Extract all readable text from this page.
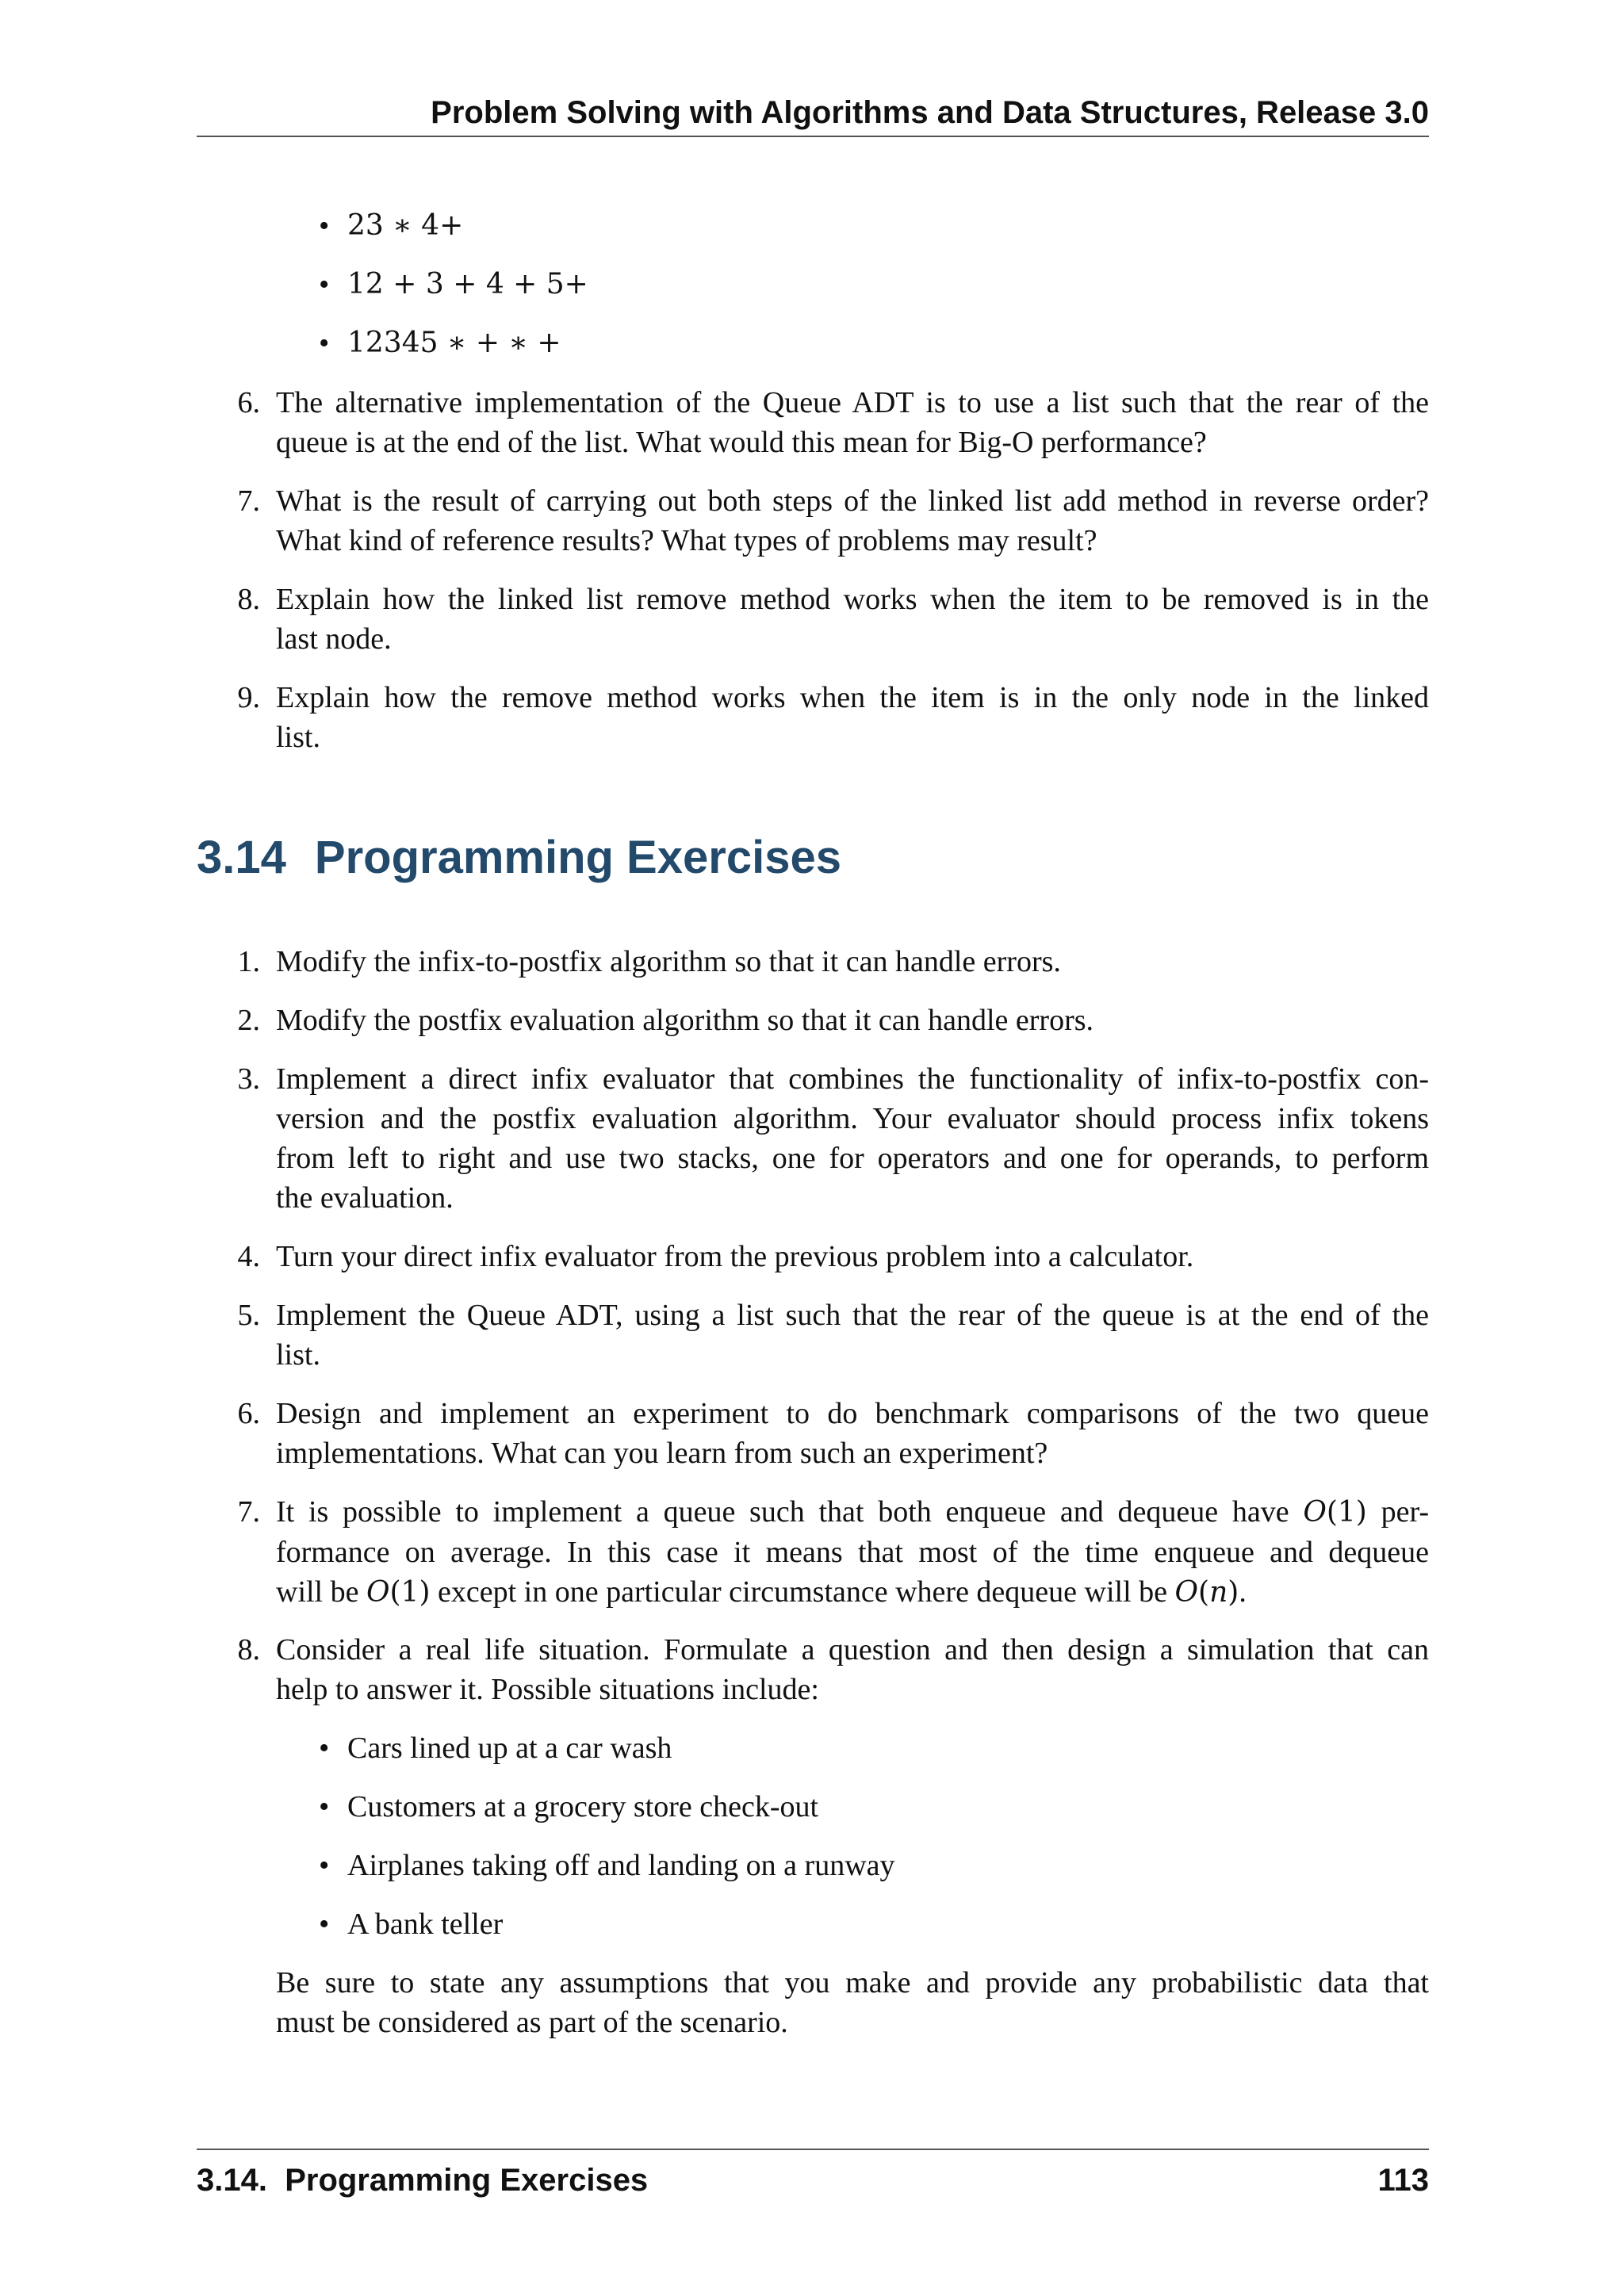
Problem Solving with Algorithms and Data Structures, Release 3.0
• 23 ∗ 4+
• 12 + 3 + 4 + 5+
• 12345 ∗ + ∗ +
6. The alternative implementation of the Queue ADT is to use a list such that the rear of the
queue is at the end of the list. What would this mean for Big-O performance?
7. What is the result of carrying out both steps of the linked list add method in reverse order?
What kind of reference results? What types of problems may result?
8. Explain how the linked list remove method works when the item to be removed is in the
last node.
9. Explain how the remove method works when the item is in the only node in the linked
list.
3.14 Programming Exercises
1. Modify the infix-to-postfix algorithm so that it can handle errors.
2. Modify the postfix evaluation algorithm so that it can handle errors.
3. Implement a direct infix evaluator that combines the functionality of infix-to-postfix con-
version and the postfix evaluation algorithm. Your evaluator should process infix tokens
from left to right and use two stacks, one for operators and one for operands, to perform
the evaluation.
4. Turn your direct infix evaluator from the previous problem into a calculator.
5. Implement the Queue ADT, using a list such that the rear of the queue is at the end of the
list.
6. Design and implement an experiment to do benchmark comparisons of the two queue
implementations. What can you learn from such an experiment?
7. It is possible to implement a queue such that both enqueue and dequeue have O(1) per-
formance on average. In this case it means that most of the time enqueue and dequeue
will be O(1) except in one particular circumstance where dequeue will be O(n).
8. Consider a real life situation. Formulate a question and then design a simulation that can
help to answer it. Possible situations include:
• Cars lined up at a car wash
• Customers at a grocery store check-out
• Airplanes taking off and landing on a runway
• A bank teller
Be sure to state any assumptions that you make and provide any probabilistic data that
must be considered as part of the scenario.
3.14.  Programming Exercises	113
